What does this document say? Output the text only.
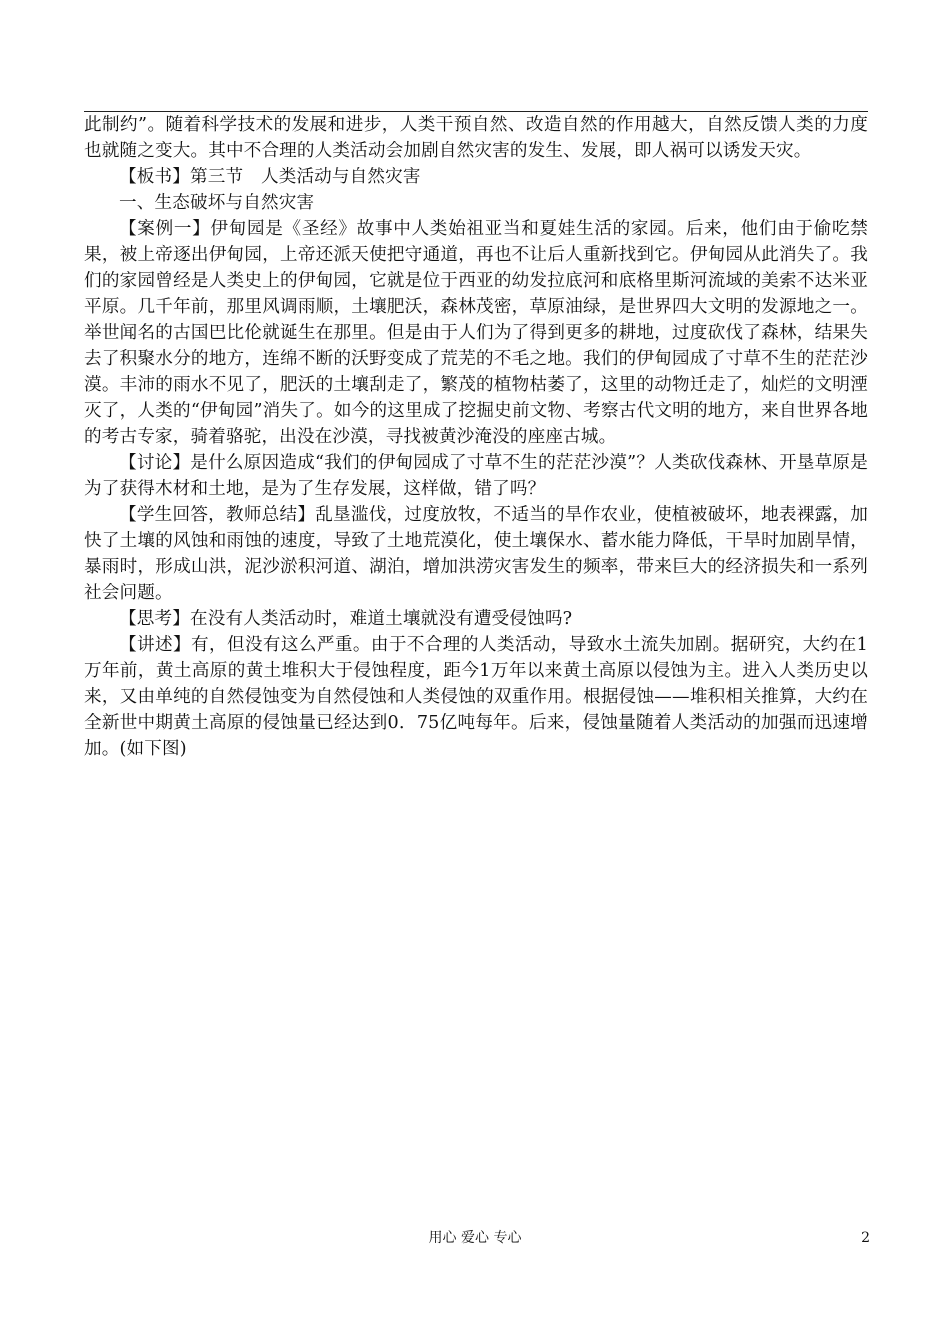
此制约”。随着科学技术的发展和进步，人类干预自然、改造自然的作用越大，自然反馈人类的力度也就随之变大。其中不合理的人类活动会加剧自然灾害的发生、发展，即人祸可以诱发天灾。

【板书】第三节　人类活动与自然灾害

一、生态破坏与自然灾害

【案例一】伊甸园是《圣经》故事中人类始祖亚当和夏娃生活的家园。后来，他们由于偷吃禁果，被上帝逐出伊甸园，上帝还派天使把守通道，再也不让后人重新找到它。伊甸园从此消失了。我们的家园曾经是人类史上的伊甸园，它就是位于西亚的幼发拉底河和底格里斯河流域的美索不达米亚平原。几千年前，那里风调雨顺，土壤肥沃，森林茂密，草原油绿，是世界四大文明的发源地之一。举世闻名的古国巴比伦就诞生在那里。但是由于人们为了得到更多的耕地，过度砍伐了森林，结果失去了积聚水分的地方，连绵不断的沃野变成了荒芜的不毛之地。我们的伊甸园成了寸草不生的茫茫沙漠。丰沛的雨水不见了，肥沃的土壤刮走了，繁茂的植物枯萎了，这里的动物迁走了，灿烂的文明湮灭了，人类的“伊甸园”消失了。如今的这里成了挖掘史前文物、考察古代文明的地方，来自世界各地的考古专家，骑着骆驼，出没在沙漠，寻找被黄沙淹没的座座古城。

【讨论】是什么原因造成“我们的伊甸园成了寸草不生的茫茫沙漠”？人类砍伐森林、开垦草原是为了获得木材和土地，是为了生存发展，这样做，错了吗？

【学生回答，教师总结】乱垦滥伐，过度放牧，不适当的旱作农业，使植被破坏，地表裸露，加快了土壤的风蚀和雨蚀的速度，导致了土地荒漠化，使土壤保水、蓄水能力降低，干旱时加剧旱情，暴雨时，形成山洪，泥沙淤积河道、湖泊，增加洪涝灾害发生的频率，带来巨大的经济损失和一系列社会问题。

【思考】在没有人类活动时，难道土壤就没有遭受侵蚀吗?

【讲述】有，但没有这么严重。由于不合理的人类活动，导致水土流失加剧。据研究，大约在1万年前，黄土高原的黄土堆积大于侵蚀程度，距今1万年以来黄土高原以侵蚀为主。进入人类历史以来，又由单纯的自然侵蚀变为自然侵蚀和人类侵蚀的双重作用。根据侵蚀——堆积相关推算，大约在全新世中期黄土高原的侵蚀量已经达到0．75亿吨每年。后来，侵蚀量随着人类活动的加强而迅速增加。(如下图)

用心 爱心 专心	2
